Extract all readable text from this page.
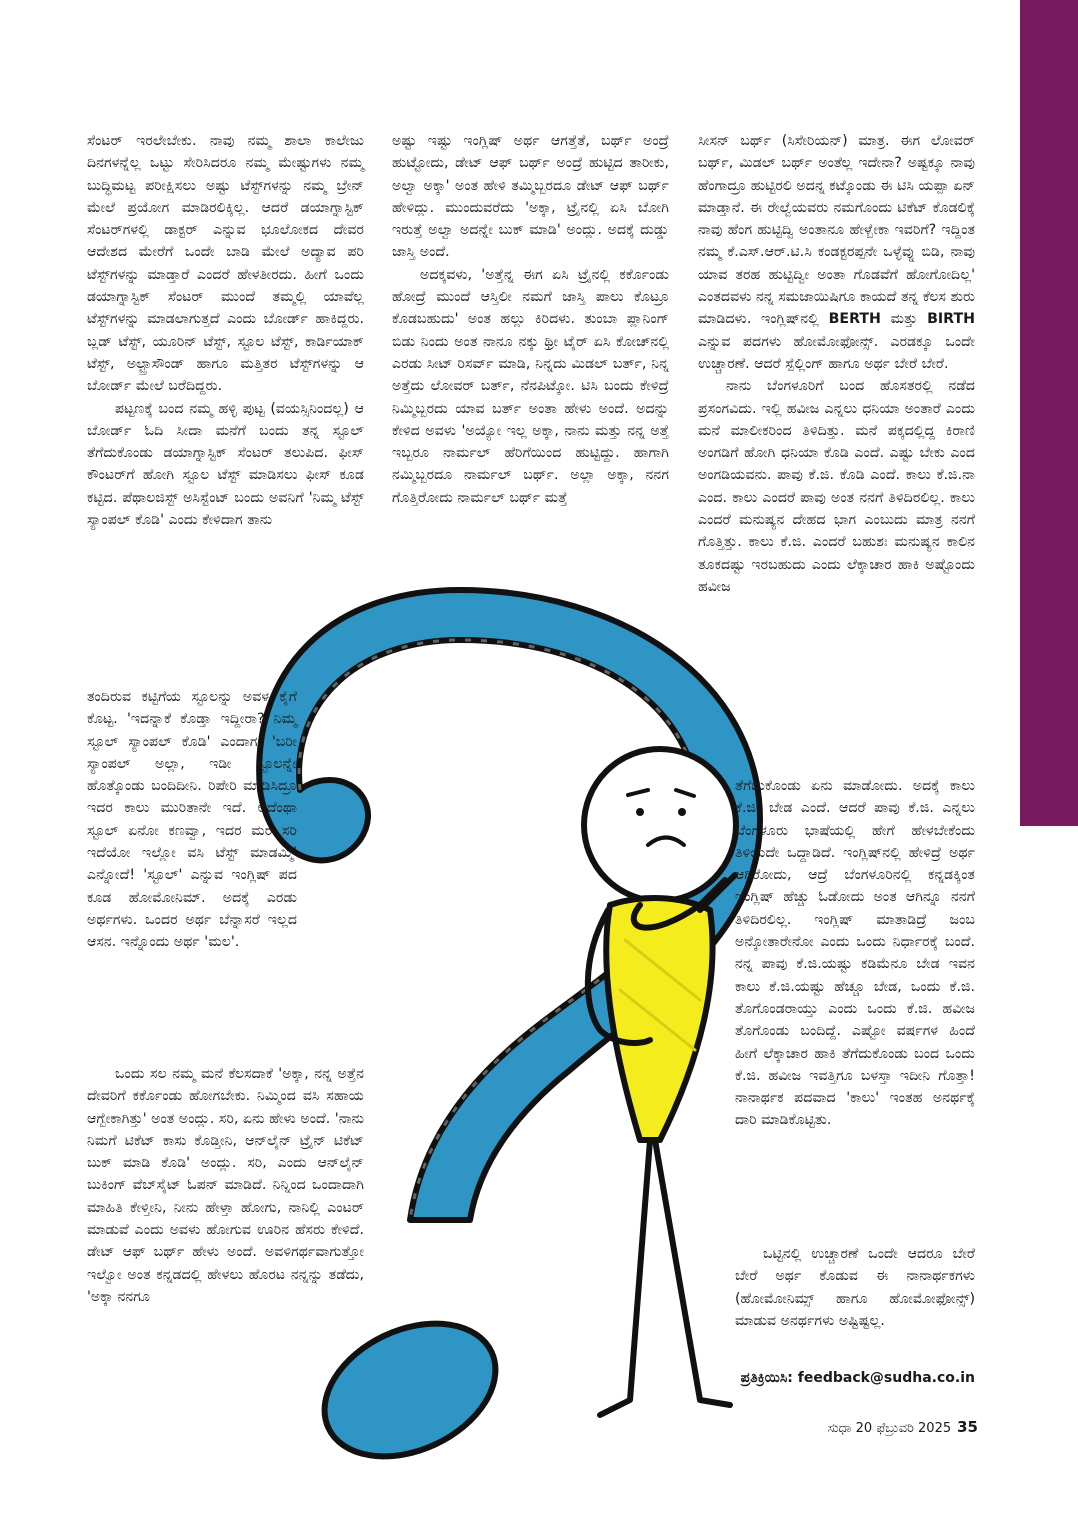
ಸೆಂಟರ್ ಇರಲೇಬೇಕು. ನಾವು ನಮ್ಮ ಶಾಲಾ ಕಾಲೇಜು ದಿನಗಳನ್ನೆಲ್ಲ ಒಟ್ಟು ಸೇರಿಸಿದರೂ ನಮ್ಮ ಮೇಷ್ಟುಗಳು ನಮ್ಮ ಬುದ್ಧಿಮಟ್ಟ ಪರೀಕ್ಷಿಸಲು ಅಷ್ಟು ಟೆಸ್ಟ್‌ಗಳನ್ನು ನಮ್ಮ ಬ್ರೇನ್ ಮೇಲೆ ಪ್ರಯೋಗ ಮಾಡಿರಲಿಕ್ಕಿಲ್ಲ. ಆದರೆ ಡಯಾಗ್ನಾಸ್ಟಿಕ್ ಸೆಂಟರ್‌ಗಳಲ್ಲಿ ಡಾಕ್ಟರ್ ಎನ್ನುವ ಭೂಲೋಕದ ದೇವರ ಆದೇಶದ ಮೇರೆಗೆ ಒಂದೇ ಬಾಡಿ ಮೇಲೆ ಅದ್ಯಾವ ಪರಿ ಟೆಸ್ಟ್‌ಗಳನ್ನು ಮಾಡ್ತಾರೆ ಎಂದರೆ ಹೇಳತೀರದು. ಹೀಗೆ ಒಂದು ಡಯಾಗ್ನಾಸ್ಟಿಕ್ ಸೆಂಟರ್ ಮುಂದೆ ತಮ್ಮಲ್ಲಿ ಯಾವೆಲ್ಲ ಟೆಸ್ಟ್‌ಗಳನ್ನು ಮಾಡಲಾಗುತ್ತದೆ ಎಂದು ಬೋರ್ಡ್ ಹಾಕಿದ್ದರು. ಬ್ಲಡ್ ಟೆಸ್ಟ್, ಯೂರಿನ್ ಟೆಸ್ಟ್, ಸ್ಟೂಲ ಟೆಸ್ಟ್, ಕಾರ್ಡಿಯಾಕ್ ಟೆಸ್ಟ್, ಅಲ್ಟ್ರಾಸೌಂಡ್ ಹಾಗೂ ಮತ್ತಿತರ ಟೆಸ್ಟ್‌ಗಳನ್ನು ಆ ಬೋರ್ಡ್ ಮೇಲೆ ಬರೆದಿದ್ದರು.

ಪಟ್ಟಣಕ್ಕೆ ಬಂದ ನಮ್ಮ ಹಳ್ಳಿ ಪುಟ್ಟ (ವಯಸ್ಸಿನಿಂದಲ್ಲ) ಆ ಬೋರ್ಡ್ ಓದಿ ಸೀದಾ ಮನೆಗೆ ಬಂದು ತನ್ನ ಸ್ಟೂಲ್ ತೆಗೆದುಕೊಂಡು ಡಯಾಗ್ನಾಸ್ಟಿಕ್ ಸೆಂಟರ್ ತಲುಪಿದ. ಫೀಸ್ ಕೌಂಟರ್‌ಗೆ ಹೋಗಿ ಸ್ಟೂಲ ಟೆಸ್ಟ್ ಮಾಡಿಸಲು ಫೀಸ್ ಕೂಡ ಕಟ್ಟಿದ. ಪೆಥಾಲಜಿಸ್ಟ್ ಅಸಿಸ್ಟೆಂಟ್ ಬಂದು ಅವನಿಗೆ 'ನಿಮ್ಮ ಟೆಸ್ಟ್ ಸ್ಯಾಂಪಲ್ ಕೊಡಿ' ಎಂದು ಕೇಳಿದಾಗ ತಾನು

ತಂದಿರುವ ಕಟ್ಟಿಗೆಯ ಸ್ಟೂಲನ್ನು ಅವಳ ಕೈಗೆ ಕೊಟ್ಟ. 'ಇದನ್ನಾಕೆ ಕೊಡ್ತಾ ಇದ್ದೀರಾ? ನಿಮ್ಮ ಸ್ಟೂಲ್ ಸ್ಯಾಂಪಲ್ ಕೊಡಿ' ಎಂದಾಗ, 'ಬರೀ ಸ್ಯಾಂಪಲ್ ಅಲ್ಲಾ, ಇಡೀ ಸ್ಟೂಲನ್ನೇ ಹೊತ್ಕೊಂಡು ಬಂದಿದೀನಿ. ರಿಪೇರಿ ಮಾಡಿಸಿದ್ರೂ ಇದರ ಕಾಲು ಮುರಿತಾನೇ ಇದೆ. ಅದೆಂಥಾ ಸ್ಟೂಲ್ ಏನೋ ಕಣವ್ವಾ, ಇದರ ಮರ ಸರಿ ಇದೆಯೋ ಇಲ್ಲೋ ವಸಿ ಟೆಸ್ಟ್ ಮಾಡಮ್ಮಿ' ಎನ್ನೋದೆ! 'ಸ್ಟೂಲ್' ಎನ್ನುವ ಇಂಗ್ಲಿಷ್ ಪದ ಕೂಡ ಹೋಮೋನಿಮ್. ಅದಕ್ಕೆ ಎರಡು ಅರ್ಥಗಳು. ಒಂದರ ಅರ್ಥ ಬೆನ್ನಾಸರೆ ಇಲ್ಲದ ಆಸನ. ಇನ್ನೊಂದು ಅರ್ಥ 'ಮಲ'.

ಒಂದು ಸಲ ನಮ್ಮ ಮನೆ ಕೆಲಸದಾಕೆ 'ಅಕ್ಕಾ, ನನ್ನ ಅತ್ತೆನ ದೇವರಿಗೆ ಕರ್ಕೊಂಡು ಹೋಗಬೇಕು. ನಿಮ್ಮಿಂದ ವಸಿ ಸಹಾಯ ಆಗ್ಬೇಕಾಗಿತ್ತು' ಅಂತ ಅಂದ್ಲು. ಸರಿ, ಏನು ಹೇಳು ಅಂದೆ. 'ನಾನು ನಿಮಗೆ ಟಿಕೆಟ್ ಕಾಸು ಕೊಡ್ತೀನಿ, ಆನ್‌ಲೈನ್ ಟ್ರೈನ್ ಟಿಕೆಟ್ ಬುಕ್ ಮಾಡಿ ಕೊಡಿ' ಅಂದ್ಲು. ಸರಿ, ಎಂದು ಆನ್‌ಲೈನ್ ಬುಕಿಂಗ್ ವೆಬ್‌ಸೈಟ್ ಓಪನ್ ಮಾಡಿದೆ. ನಿನ್ನಿಂದ ಒಂದಾದಾಗಿ ಮಾಹಿತಿ ಕೇಳ್ತೀನಿ, ನೀನು ಹೇಳ್ತಾ ಹೋಗು, ನಾನಿಲ್ಲಿ ಎಂಟರ್ ಮಾಡುವೆ ಎಂದು ಅವಳು ಹೋಗುವ ಊರಿನ ಹೆಸರು ಕೇಳಿದೆ. ಡೇಟ್ ಆಫ್ ಬರ್ಥ್ ಹೇಳು ಅಂದೆ. ಅವಳಿಗರ್ಥವಾಗುತ್ತೋ ಇಲ್ವೋ ಅಂತ ಕನ್ನಡದಲ್ಲಿ ಹೇಳಲು ಹೊರಟ ನನ್ನನ್ನು ತಡೆದು, 'ಅಕ್ಕಾ ನನಗೂ

ಅಷ್ಟು ಇಷ್ಟು ಇಂಗ್ಲಿಷ್ ಅರ್ಥ ಆಗತ್ತೆತೆ, ಬರ್ಥ್ ಅಂದ್ರೆ ಹುಟ್ಟೋದು, ಡೇಟ್ ಆಫ್ ಬರ್ಥ್ ಅಂದ್ರೆ ಹುಟ್ಟಿದ ತಾರೀಕು, ಅಲ್ವಾ ಅಕ್ಕಾ' ಅಂತ ಹೇಳಿ ತಮ್ಮಿಬ್ಬರದೂ ಡೇಟ್ ಆಫ್ ಬರ್ಥ್ ಹೇಳಿದ್ಲು. ಮುಂದುವರೆದು 'ಅಕ್ಕಾ, ಟ್ರೈನಲ್ಲಿ ಏಸಿ ಬೋಗಿ ಇರುತ್ತೆ ಅಲ್ವಾ ಅದನ್ನೇ ಬುಕ್ ಮಾಡಿ' ಅಂದ್ಲು. ಅದಕ್ಕೆ ದುಡ್ಡು ಜಾಸ್ತಿ ಅಂದೆ.

ಅದಕ್ಕವಳು, 'ಅತ್ತೆನ್ನ ಈಗ ಏಸಿ ಟ್ರೈನಲ್ಲಿ ಕರ್ಕೊಂಡು ಹೋದ್ರೆ ಮುಂದೆ ಆಸ್ತಿಲೀ ನಮಗೆ ಜಾಸ್ತಿ ಪಾಲು ಕೊಟ್ರೂ ಕೊಡಬಹುದು' ಅಂತ ಹಲ್ಲು ಕಿರಿದಳು. ತುಂಬಾ ಪ್ಲಾನಿಂಗ್ ಬಿಡು ನಿಂದು ಅಂತ ನಾನೂ ನಕ್ಕು ಥ್ರೀ ಟೈರ್ ಏಸಿ ಕೋಚ್‌ನಲ್ಲಿ ಎರಡು ಸೀಟ್ ರಿಸರ್ವ್ ಮಾಡಿ, ನಿನ್ನದು ಮಿಡಲ್ ಬರ್ತ್, ನಿನ್ನ ಅತ್ತೆದು ಲೋವರ್ ಬರ್ತ್, ನೆನಪಿಟ್ಕೋ. ಟಿಸಿ ಬಂದು ಕೇಳಿದ್ರೆ ನಿಮ್ಮಿಬ್ಬರದು ಯಾವ ಬರ್ತ್ ಅಂತಾ ಹೇಳು ಅಂದೆ. ಅದನ್ನು ಕೇಳಿದ ಅವಳು 'ಅಯ್ಯೋ ಇಲ್ಲ ಅಕ್ಕಾ, ನಾನು ಮತ್ತು ನನ್ನ ಅತ್ತೆ ಇಬ್ಬರೂ ನಾರ್ಮಲ್ ಹೆರಿಗೆಯಿಂದ ಹುಟ್ಟಿದ್ದು. ಹಾಗಾಗಿ ನಮ್ಮಿಬ್ಬರದೂ ನಾರ್ಮಲ್ ಬರ್ಥ್. ಅಲ್ಲಾ ಅಕ್ಕಾ, ನನಗ ಗೊತ್ತಿರೋದು ನಾರ್ಮಲ್ ಬರ್ಥ್ ಮತ್ತೆ

ಸೀಸನ್ ಬರ್ಥ್ (ಸಿಸೇರಿಯನ್) ಮಾತ್ರ. ಈಗ ಲೋವರ್ ಬರ್ಥ್, ಮಿಡಲ್ ಬರ್ಥ್ ಅಂತೆಲ್ಲ ಇದೇನಾ? ಅಷ್ಟಕ್ಕೂ ನಾವು ಹೆಂಗಾದ್ರೂ ಹುಟ್ಟಿರಲಿ ಅದನ್ನ ಕಟ್ಕೊಂಡು ಈ ಟಿಸಿ ಯಪ್ಪಾ ಏನ್ ಮಾಡ್ತಾನೆ. ಈ ರೇಲ್ವೆಯವರು ನಮಗೊಂದು ಟಿಕೆಟ್ ಕೊಡಲಿಕ್ಕೆ ನಾವು ಹೆಂಗ ಹುಟ್ಟಿದ್ವಿ ಅಂತಾನೂ ಹೇಳ್ಬೇಕಾ ಇವರಿಗೆ? ಇದ್ದಿಂತ ನಮ್ಮ ಕೆ.ಎಸ್.ಆರ್.ಟಿ.ಸಿ ಕಂಡಕ್ಟರಪ್ಪನೇ ಒಳ್ಳೆವ್ನು ಬಿಡಿ, ನಾವು ಯಾವ ತರಹ ಹುಟ್ಟಿದ್ವೀ ಅಂತಾ ಗೊಡವೆಗೆ ಹೋಗೋದಿಲ್ಲ' ಎಂತದವಳು ನನ್ನ ಸಮಜಾಯಿಷಿಗೂ ಕಾಯದೆ ತನ್ನ ಕೆಲಸ ಶುರು ಮಾಡಿದಳು. ಇಂಗ್ಲಿಷ್‌ನಲ್ಲಿ BERTH ಮತ್ತು BIRTH ಎನ್ನುವ ಪದಗಳು ಹೋಮೋಫೋನ್ಸ್. ಎರಡಕ್ಕೂ ಒಂದೇ ಉಚ್ಚಾರಣೆ. ಆದರೆ ಸ್ಪೆಲ್ಲಿಂಗ್ ಹಾಗೂ ಅರ್ಥ ಬೇರೆ ಬೇರೆ.

ನಾನು ಬೆಂಗಳೂರಿಗೆ ಬಂದ ಹೊಸತರಲ್ಲಿ ನಡೆದ ಪ್ರಸಂಗವಿದು. ಇಲ್ಲಿ ಹವೀಜ ಎನ್ನಲು ಧನಿಯಾ ಅಂತಾರೆ ಎಂದು ಮನೆ ಮಾಲೀಕರಿಂದ ತಿಳಿದಿತ್ತು. ಮನೆ ಪಕ್ಕದಲ್ಲಿದ್ದ ಕಿರಾಣಿ ಅಂಗಡಿಗೆ ಹೋಗಿ ಧನಿಯಾ ಕೊಡಿ ಎಂದೆ. ಎಷ್ಟು ಬೇಕು ಎಂದ ಅಂಗಡಿಯವನು. ಪಾವು ಕೆ.ಜಿ. ಕೊಡಿ ಎಂದೆ. ಕಾಲು ಕೆ.ಜಿ.ನಾ ಎಂದ. ಕಾಲು ಎಂದರೆ ಪಾವು ಅಂತ ನನಗೆ ತಿಳಿದಿರಲಿಲ್ಲ. ಕಾಲು ಎಂದರೆ ಮನುಷ್ಯನ ದೇಹದ ಭಾಗ ಎಂಬುದು ಮಾತ್ರ ನನಗೆ ಗೊತ್ತಿತ್ತು. ಕಾಲು ಕೆ.ಜಿ. ಎಂದರೆ ಬಹುಶಃ ಮನುಷ್ಯನ ಕಾಲಿನ ತೂಕದಷ್ಟು ಇರಬಹುದು ಎಂದು ಲೆಕ್ಕಾಚಾರ ಹಾಕಿ ಅಷ್ಟೊಂದು ಹವೀಜ

ತೆಗೆದುಕೊಂಡು ಏನು ಮಾಡೋದು. ಅದಕ್ಕೆ ಕಾಲು ಕೆ.ಜಿ. ಬೇಡ ಎಂದೆ. ಆದರೆ ಪಾವು ಕೆ.ಜಿ. ಎನ್ನಲು ಬೆಂಗಳೂರು ಭಾಷೆಯಲ್ಲಿ ಹೇಗೆ ಹೇಳಬೇಕೆಂದು ತಿಳಿಯದೇ ಒದ್ದಾಡಿದೆ. ಇಂಗ್ಲಿಷ್‌ನಲ್ಲಿ ಹೇಳಿದ್ರೆ ಅರ್ಥ ಆಗಿರೋದು, ಆದ್ರೆ ಬೆಂಗಳೂರಿನಲ್ಲಿ ಕನ್ನಡಕ್ಕಿಂತ ಇಂಗ್ಲಿಷ್ ಹೆಚ್ಚು ಓಡೋದು ಅಂತ ಆಗಿನ್ನೂ ನನಗೆ ತಿಳಿದಿರಲಿಲ್ಲ. ಇಂಗ್ಲಿಷ್ ಮಾತಾಡಿದ್ರೆ ಜಂಬ ಅನ್ಕೋತಾರೇನೋ ಎಂದು ಒಂದು ನಿರ್ಧಾರಕ್ಕೆ ಬಂದೆ. ನನ್ನ ಪಾವು ಕೆ.ಜಿ.ಯಷ್ಟು ಕಡಿಮೆನೂ ಬೇಡ ಇವನ ಕಾಲು ಕೆ.ಜಿ.ಯಷ್ಟು ಹೆಚ್ಚೂ ಬೇಡ, ಒಂದು ಕೆ.ಜಿ. ತೊಗೊಂಡರಾಯ್ತು ಎಂದು ಒಂದು ಕೆ.ಜಿ. ಹವೀಜ ತೊಗೊಂಡು ಬಂದಿದ್ದೆ. ಎಷ್ಟೋ ವರ್ಷಗಳ ಹಿಂದೆ ಹೀಗೆ ಲೆಕ್ಕಾಚಾರ ಹಾಕಿ ತೆಗೆದುಕೊಂಡು ಬಂದ ಒಂದು ಕೆ.ಜಿ. ಹವೀಜ ಇವತ್ತಿಗೂ ಬಳಸ್ತಾ ಇದೀನಿ ಗೊತ್ತಾ! ನಾನಾರ್ಥಕ ಪದವಾದ 'ಕಾಲು' ಇಂತಹ ಅನರ್ಥಕ್ಕೆ ದಾರಿ ಮಾಡಿಕೊಟ್ಟಿತು.

ಒಟ್ಟಿನಲ್ಲಿ ಉಚ್ಚಾರಣೆ ಒಂದೇ ಆದರೂ ಬೇರೆ ಬೇರೆ ಅರ್ಥ ಕೊಡುವ ಈ ನಾನಾರ್ಥಕಗಳು (ಹೋಮೋನಿಮ್ಸ್ ಹಾಗೂ ಹೋಮೋಫೋನ್ಸ್) ಮಾಡುವ ಅನರ್ಥಗಳು ಅಷ್ಟಿಷ್ಟಲ್ಲ.

ಪ್ರತಿಕ್ರಿಯಿಸಿ: feedback@sudha.co.in
ಸುಧಾ 20 ಫೆಬ್ರುವರಿ 2025 35
